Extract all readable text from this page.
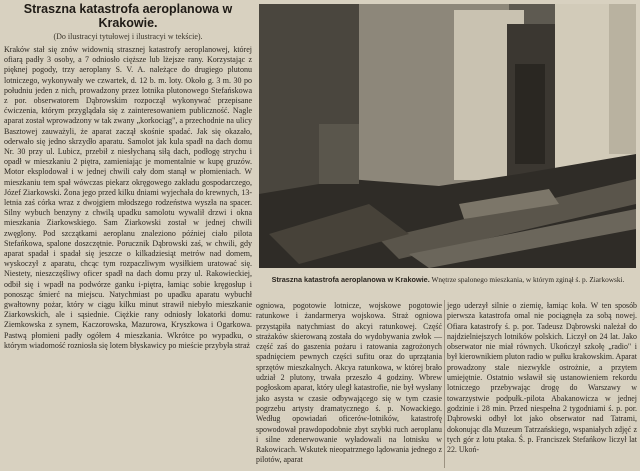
Straszna katastrofa aeroplanowa w Krakowie.
(Do ilustracyi tytułowej i ilustracyi w tekście).

Kraków stał się znów widownią strasznej katastrofy aeroplanowej, której ofiarą padły 3 osoby, a 7 odniosło cięższe lub lżejsze rany. Korzystając z pięknej pogody, trzy aeroplany S. V. A. należące do drugiego plutonu lotniczego, wykonywały we czwartek, d. 12 b. m. loty. Około g. 3 m. 30 po południu jeden z nich, prowadzony przez lotnika plutonowego Stefańskowa z por. obserwatorem Dąbrowskim rozpoczął wykonywać przepisane ćwiczenia, którym przyglądała się z zainteresowaniem publiczność. Nagle aparat został wprowadzony w tak zwany „korkociąg", a przechodnie na ulicy Basztowej zauważyli, że aparat zaczął skośnie spadać. Jak się okazało, oderwało się jedno skrzydło aparatu. Samolot jak kula spadł na dach domu Nr. 30 przy ul. Lubicz, przebił z niesłychaną siłą dach, podłogę strychu i opadł w mieszkaniu 2 piętra, zamieniając je momentalnie w kupę gruzów. Motor eksplodował i w jednej chwili cały dom stanął w płomieniach. W mieszkaniu tem spał wówczas piekarz okręgowego zakładu gospodarczego, Józef Ziarkowski. Żona jego przed kilku dniami wyjechała do krewnych, 13-letnia zaś córka wraz z dwojgiem młodszego rodzeństwa wyszła na spacer. Silny wybuch benzyny z chwilą upadku samolotu wywalił drzwi i okna mieszkania Ziarkowskiego. Sam Ziarkowski został w jednej chwili zwęglony. Pod szczątkami aeroplanu znaleziono później ciało pilota Stefańkowa, spalone doszczętnie. Porucznik Dąbrowski zaś, w chwili, gdy aparat spadał i spadał się jeszcze o kilkadziesiąt metrów nad domem, wyskoczył z aparatu, chcąc tym rozpaczliwym wysiłkiem uratować się. Niestety, nieszczęśliwy oficer spadł na dach domu przy ul. Rakowieckiej, odbił się i wpadł na podwórze ganku i-piętra, łamiąc sobie kręgosłup i ponosząc śmierć na miejscu. Natychmiast po upadku aparatu wybuchł gwałtowny pożar, który w ciągu kilku minut strawił niebyło mieszkanie Ziarkowskich, ale i sąsiednie. Ciężkie rany odniosły lokatorki domu: Ziemkowska z synem, Kaczorowska, Mazurowa, Kryszkowa i Ogarkowa. Pastwą płomieni padły ogółem 4 mieszkania. Wkrótce po wypadku, o którym wiadomość rozniosła się lotem błyskawicy po mieście przybyła straż

Straszna katastrofa aeroplanowa w Krakowie. Wnętrze spalonego mieszkania, w którym zginął ś. p. Ziarkowski.

ogniowa, pogotowie lotnicze, wojskowe pogotowie ratunkowe i żandarmerya wojskowa. Straż ogniowa przystąpiła natychmiast do akcyi ratunkowej. Część strażaków skierowaną została do wydobywania zwłok — część zaś do gaszenia pożaru i ratowania zagrożonych spadnięciem pewnych części sufitu oraz do uprzątania sprzętów mieszkalnych. Akcya ratunkowa, w której brało udział 2 plutony, trwała przeszło 4 godziny. Wbrew pogłoskom aparat, który uległ katastrofie, nie był wysłany jako asysta w czasie odbywającego się w tym czasie pogrzebu artysty dramatycznego ś. p. Nowackiego. Według opowiadań oficerów-lotników, katastrofę spowodował prawdopodobnie zbyt szybki ruch aeroplanu i silne zdenerwowanie wyładowali na lotnisku w Rakowicach. Wskutek nieopatrznego lądowania jednego z pilotów, aparat

jego uderzył silnie o ziemię, łamiąc koła. W ten sposób pierwsza katastrofa omal nie pociągnęła za sobą nowej. Ofiara katastrofy ś. p. por. Tadeusz Dąbrowski należał do najdzielniejszych lotników polskich. Liczył on 24 lat. Jako obserwator nie miał równych. Ukończył szkołę „radio" i był kierownikiem pluton radio w pułku krakowskim. Aparat prowadzony stale niezwykle ostrożnie, a przytem umiejętnie. Ostatnio wsławił się ustanowieniem rekordu lotniczego przebywając drogę do Warszawy w towarzystwie podpułk.-pilota Abakanowicza w jednej godzinie i 28 min. Przed niespełna 2 tygodniami ś. p. por. Dąbrowski odbył lot jako obserwator nad Tatrami, dokonując dla Muzeum Tatrzańskiego, wspaniałych zdjęć z tych gór z lotu ptaka. Ś. p. Franciszek Stefańkow liczył lat 22. Ukoń-
